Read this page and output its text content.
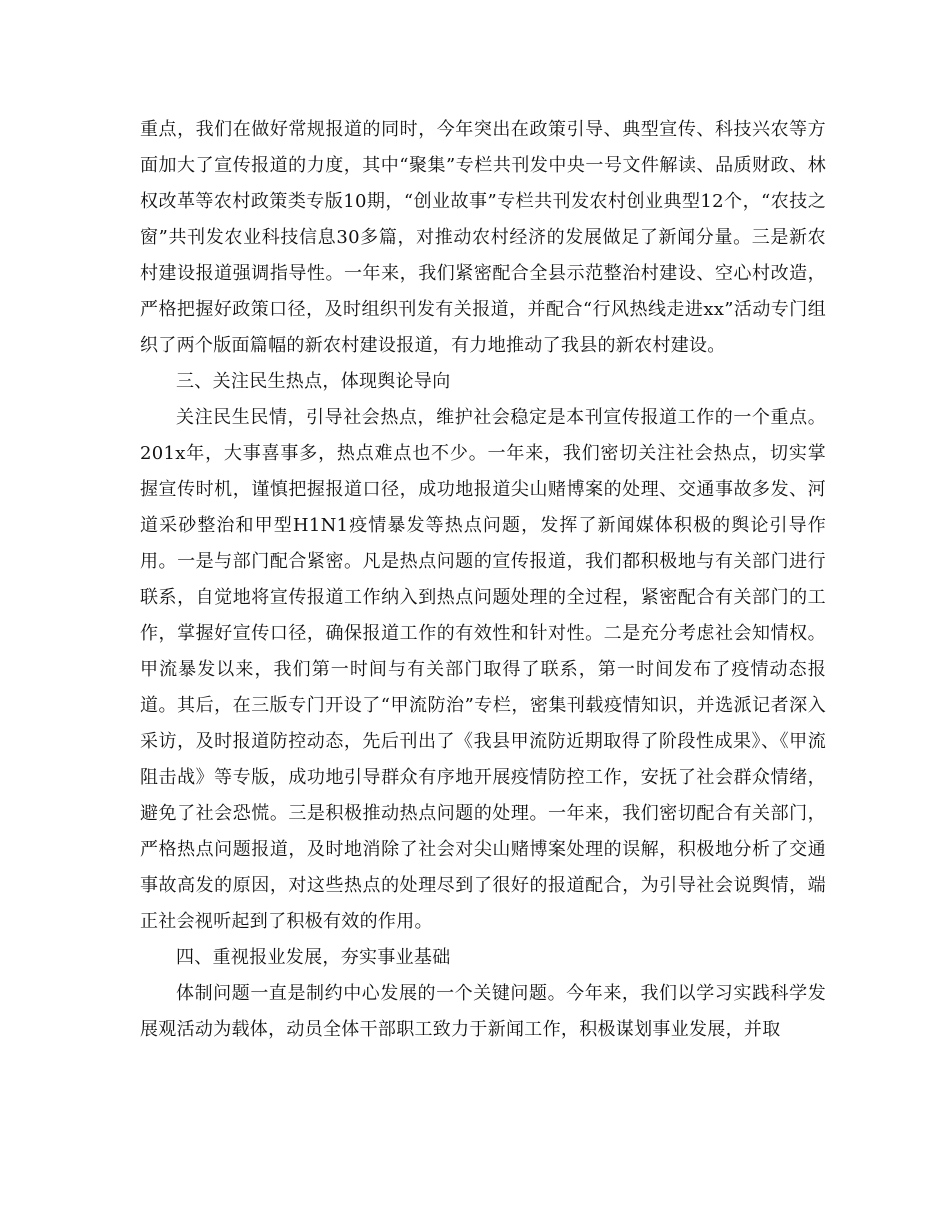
重点，我们在做好常规报道的同时，今年突出在政策引导、典型宣传、科技兴农等方面加大了宣传报道的力度，其中“聚集”专栏共刊发中央一号文件解读、品质财政、林权改革等农村政策类专版10期，“创业故事”专栏共刊发农村创业典型12个，“农技之窗”共刊发农业科技信息30多篇，对推动农村经济的发展做足了新闻分量。三是新农村建设报道强调指导性。一年来，我们紧密配合全县示范整治村建设、空心村改造，严格把握好政策口径，及时组织刊发有关报道，并配合“行风热线走进xx”活动专门组织了两个版面篇幅的新农村建设报道，有力地推动了我县的新农村建设。

三、关注民生热点，体现舆论导向

关注民生民情，引导社会热点，维护社会稳定是本刊宣传报道工作的一个重点。201x年，大事喜事多，热点难点也不少。一年来，我们密切关注社会热点，切实掌握宣传时机，谨慎把握报道口径，成功地报道尖山赌博案的处理、交通事故多发、河道采砂整治和甲型H1N1疫情暴发等热点问题，发挥了新闻媒体积极的舆论引导作用。一是与部门配合紧密。凡是热点问题的宣传报道，我们都积极地与有关部门进行联系，自觉地将宣传报道工作纳入到热点问题处理的全过程，紧密配合有关部门的工作，掌握好宣传口径，确保报道工作的有效性和针对性。二是充分考虑社会知情权。甲流暴发以来，我们第一时间与有关部门取得了联系，第一时间发布了疫情动态报道。其后，在三版专门开设了“甲流防治”专栏，密集刊载疫情知识，并选派记者深入采访，及时报道防控动态，先后刊出了《我县甲流防近期取得了阶段性成果》、《甲流阻击战》等专版，成功地引导群众有序地开展疫情防控工作，安抚了社会群众情绪，避免了社会恐慌。三是积极推动热点问题的处理。一年来，我们密切配合有关部门，严格热点问题报道，及时地消除了社会对尖山赌博案处理的误解，积极地分析了交通事故高发的原因，对这些热点的处理尽到了很好的报道配合，为引导社会说舆情，端正社会视听起到了积极有效的作用。

四、重视报业发展，夯实事业基础

体制问题一直是制约中心发展的一个关键问题。今年来，我们以学习实践科学发展观活动为载体，动员全体干部职工致力于新闻工作，积极谋划事业发展，并取
